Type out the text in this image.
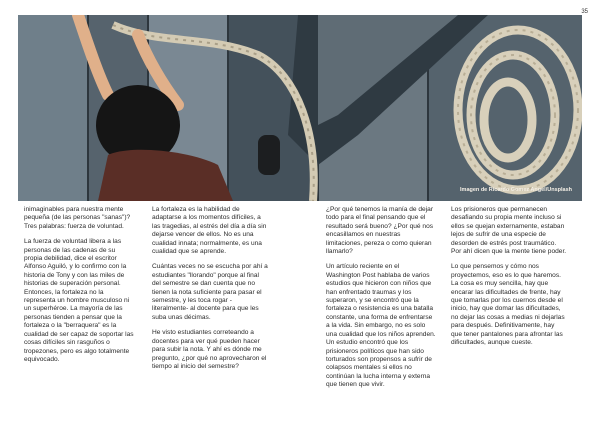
35
Imagen de Ricardo Gomez Angel/Unsplash

inimaginables para nuestra mente
pequeña (de las personas "sanas")?
Tres palabras: fuerza de voluntad.

La fuerza de voluntad libera a las
personas de las cadenas de su
propia debilidad, dice el escritor
Alfonso Aguiló, y lo confirmo con la
historia de Tony y con las miles de
historias de superación personal.
Entonces, la fortaleza no la
representa un hombre musculoso ni
un superhéroe. La mayoría de las
personas tienden a pensar que la
fortaleza o la "berraquera" es la
cualidad de ser capaz de soportar las
cosas difíciles sin rasguños o
tropezones, pero es algo totalmente
equivocado.

La fortaleza es la habilidad de
adaptarse a los momentos difíciles, a
las tragedias, al estrés del día a día sin
dejarse vencer de ellos. No es una
cualidad innata; normalmente, es una
cualidad que se aprende.

Cuántas veces no se escucha por ahí a
estudiantes "llorando" porque al final
del semestre se dan cuenta que no
tienen la nota suficiente para pasar el
semestre, y les toca rogar -
literalmente- al docente para que les
suba unas décimas.

He visto estudiantes correteando a
docentes para ver qué pueden hacer
para subir la nota. Y ahí es dónde me
pregunto, ¿por qué no aprovecharon el
tiempo al inicio del semestre?

¿Por qué tenemos la manía de dejar
todo para el final pensando que el
resultado será bueno? ¿Por qué nos
encasillamos en nuestras
limitaciones, pereza o como quieran
llamarlo?

Un artículo reciente en el
Washington Post hablaba de varios
estudios que hicieron con niños que
han enfrentado traumas y los
superaron, y se encontró que la
fortaleza o resistencia es una batalla
constante, una forma de enfrentarse
a la vida. Sin embargo, no es solo
una cualidad que los niños aprenden.
Un estudio encontró que los
prisioneros políticos que han sido
torturados son propensos a sufrir de
colapsos mentales si ellos no
continúan la lucha interna y externa
que tienen que vivir.

Los prisioneros que permanecen
desafiando su propia mente incluso si
ellos se quejan externamente, estaban
lejos de sufrir de una especie de
desorden de estrés post traumático.
Por ahí dicen que la mente tiene poder.

Lo que pensemos y cómo nos
proyectemos, eso es lo que haremos.
La cosa es muy sencilla, hay que
encarar las dificultades de frente, hay
que tomarlas por los cuernos desde el
inicio, hay que domar las dificultades,
no dejar las cosas a medias ni dejarlas
para después. Definitivamente, hay
que tener pantalones para afrontar las
dificultades, aunque cueste.
